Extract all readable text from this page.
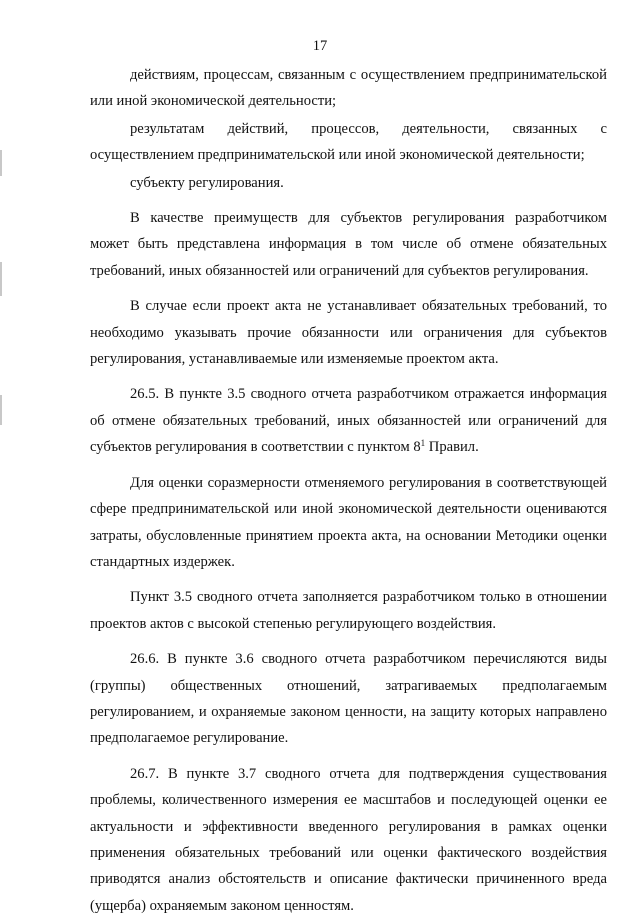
17

действиям, процессам, связанным с осуществлением предпринимательской или иной экономической деятельности;

результатам действий, процессов, деятельности, связанных с осуществлением предпринимательской или иной экономической деятельности;

субъекту регулирования.

В качестве преимуществ для субъектов регулирования разработчиком может быть представлена информация в том числе об отмене обязательных требований, иных обязанностей или ограничений для субъектов регулирования.

В случае если проект акта не устанавливает обязательных требований, то необходимо указывать прочие обязанности или ограничения для субъектов регулирования, устанавливаемые или изменяемые проектом акта.

26.5. В пункте 3.5 сводного отчета разработчиком отражается информация об отмене обязательных требований, иных обязанностей или ограничений для субъектов регулирования в соответствии с пунктом $8^1$ Правил.

Для оценки соразмерности отменяемого регулирования в соответствующей сфере предпринимательской или иной экономической деятельности оцениваются затраты, обусловленные принятием проекта акта, на основании Методики оценки стандартных издержек.

Пункт 3.5 сводного отчета заполняется разработчиком только в отношении проектов актов с высокой степенью регулирующего воздействия.

26.6. В пункте 3.6 сводного отчета разработчиком перечисляются виды (группы) общественных отношений, затрагиваемых предполагаемым регулированием, и охраняемые законом ценности, на защиту которых направлено предполагаемое регулирование.

26.7. В пункте 3.7 сводного отчета для подтверждения существования проблемы, количественного измерения ее масштабов и последующей оценки ее актуальности и эффективности введенного регулирования в рамках оценки применения обязательных требований или оценки фактического воздействия приводятся анализ обстоятельств и описание фактически причиненного вреда (ущерба) охраняемым законом ценностям.
